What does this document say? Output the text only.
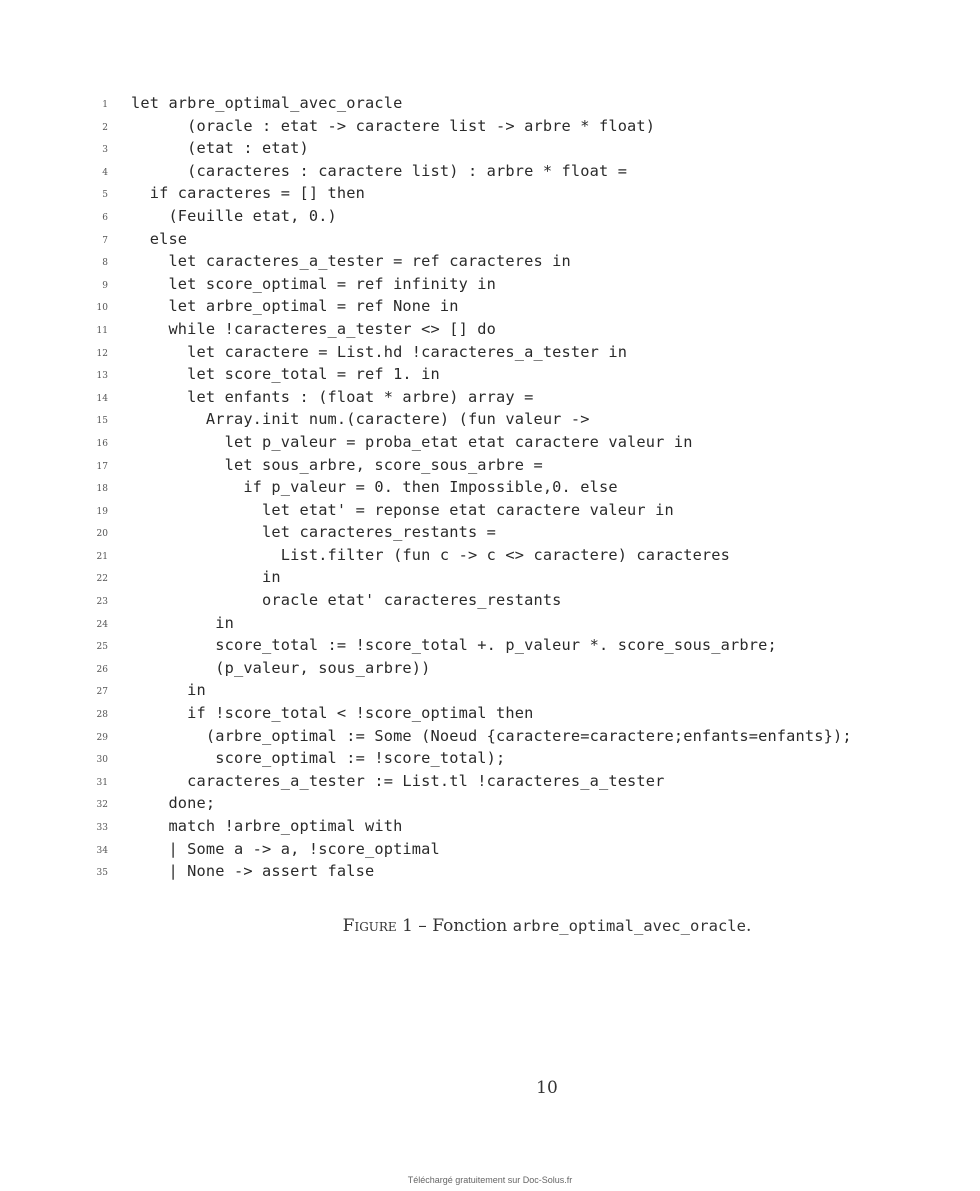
1 let arbre_optimal_avec_oracle
2 (oracle : etat -> caractere list -> arbre * float)
3 (etat : etat)
4 (caracteres : caractere list) : arbre * float =
5 if caracteres = [] then
6 (Feuille etat, 0.)
7 else
8 let caracteres_a_tester = ref caracteres in
9 let score_optimal = ref infinity in
10 let arbre_optimal = ref None in
11 while !caracteres_a_tester <> [] do
12 let caractere = List.hd !caracteres_a_tester in
13 let score_total = ref 1. in
14 let enfants : (float * arbre) array =
15 Array.init num.(caractere) (fun valeur ->
16 let p_valeur = proba_etat etat caractere valeur in
17 let sous_arbre, score_sous_arbre =
18 if p_valeur = 0. then Impossible,0. else
19 let etat' = reponse etat caractere valeur in
20 let caracteres_restants =
21 List.filter (fun c -> c <> caractere) caracteres
22 in
23 oracle etat' caracteres_restants
24 in
25 score_total := !score_total +. p_valeur *. score_sous_arbre;
26 (p_valeur, sous_arbre))
27 in
28 if !score_total < !score_optimal then
29 (arbre_optimal := Some (Noeud {caractere=caractere;enfants=enfants});
30 score_optimal := !score_total);
31 caracteres_a_tester := List.tl !caracteres_a_tester
32 done;
33 match !arbre_optimal with
34 | Some a -> a, !score_optimal
35 | None -> assert false
Figure 1 – Fonction arbre_optimal_avec_oracle.
10
Téléchargé gratuitement sur Doc-Solus.fr
